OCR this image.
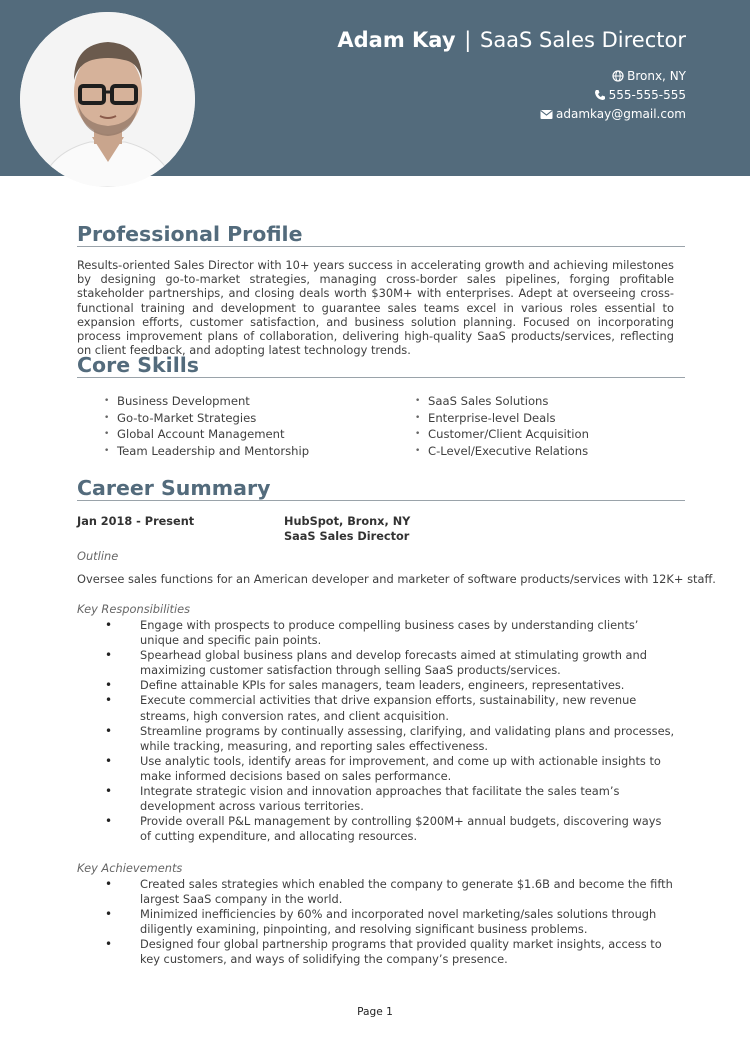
Adam Kay | SaaS Sales Director
Bronx, NY
555-555-555
adamkay@gmail.com
Professional Profile
Results-oriented Sales Director with 10+ years success in accelerating growth and achieving milestones by designing go-to-market strategies, managing cross-border sales pipelines, forging profitable stakeholder partnerships, and closing deals worth $30M+ with enterprises. Adept at overseeing cross-functional training and development to guarantee sales teams excel in various roles essential to expansion efforts, customer satisfaction, and business solution planning. Focused on incorporating process improvement plans of collaboration, delivering high-quality SaaS products/services, reflecting on client feedback, and adopting latest technology trends.
Core Skills
• Business Development
• Go-to-Market Strategies
• Global Account Management
• Team Leadership and Mentorship
• SaaS Sales Solutions
• Enterprise-level Deals
• Customer/Client Acquisition
• C-Level/Executive Relations
Career Summary
Jan 2018 - Present	HubSpot, Bronx, NY
SaaS Sales Director
Outline
Oversee sales functions for an American developer and marketer of software products/services with 12K+ staff.
Key Responsibilities
• Engage with prospects to produce compelling business cases by understanding clients’ unique and specific pain points.
• Spearhead global business plans and develop forecasts aimed at stimulating growth and maximizing customer satisfaction through selling SaaS products/services.
• Define attainable KPIs for sales managers, team leaders, engineers, representatives.
• Execute commercial activities that drive expansion efforts, sustainability, new revenue streams, high conversion rates, and client acquisition.
• Streamline programs by continually assessing, clarifying, and validating plans and processes, while tracking, measuring, and reporting sales effectiveness.
• Use analytic tools, identify areas for improvement, and come up with actionable insights to make informed decisions based on sales performance.
• Integrate strategic vision and innovation approaches that facilitate the sales team’s development across various territories.
• Provide overall P&L management by controlling $200M+ annual budgets, discovering ways of cutting expenditure, and allocating resources.
Key Achievements
• Created sales strategies which enabled the company to generate $1.6B and become the fifth largest SaaS company in the world.
• Minimized inefficiencies by 60% and incorporated novel marketing/sales solutions through diligently examining, pinpointing, and resolving significant business problems.
• Designed four global partnership programs that provided quality market insights, access to key customers, and ways of solidifying the company’s presence.
Page 1
